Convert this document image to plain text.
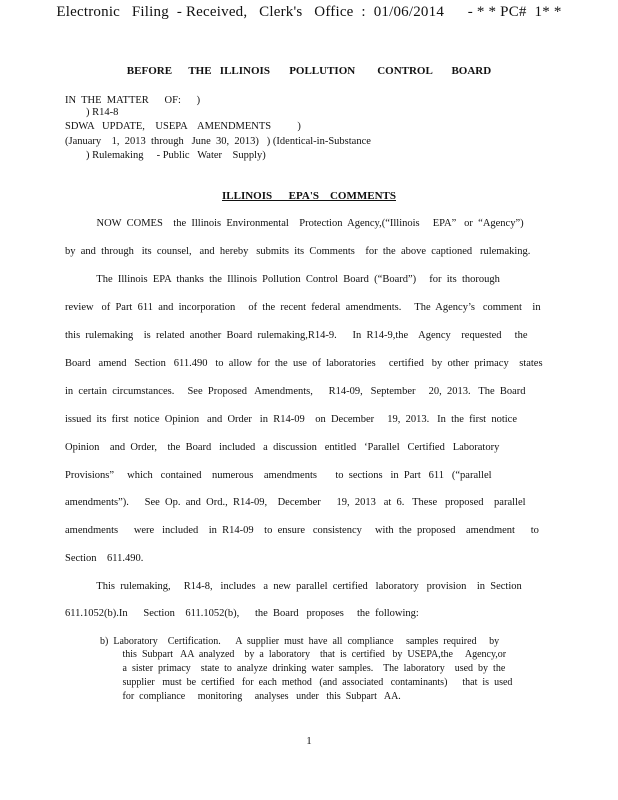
Electronic   Filing  - Received,   Clerk's   Office  :  01/06/2014      - * * PC#  1* *
BEFORE      THE   ILLINOIS       POLLUTION        CONTROL       BOARD
IN  THE  MATTER      OF:      )
) R14-8
SDWA   UPDATE,    USEPA    AMENDMENTS          )
(January    1,  2013  through   June  30,  2013)   ) (Identical-in-Substance
) Rulemaking     - Public   Water    Supply)
ILLINOIS      EPA'S    COMMENTS

NOW  COMES    the  Illinois  Environmental    Protection  Agency,(“Illinois     EPA”   or  “Agency”)

by  and  through   its  counsel,   and  hereby   submits  its  Comments    for  the  above  captioned   rulemaking.

The  Illinois  EPA  thanks  the  Illinois  Pollution  Control  Board  (“Board”)     for  its  thorough

review   of  Part  611  and  incorporation     of  the  recent  federal  amendments.     The  Agency’s   comment    in

this  rulemaking    is  related  another  Board  rulemaking,R14-9.      In  R14-9,the    Agency    requested     the

Board   amend   Section   611.490   to  allow  for  the  use  of  laboratories     certified   by  other  primacy    states

in  certain  circumstances.     See  Proposed   Amendments,      R14-09,   September     20,  2013.   The  Board

issued  its  first  notice  Opinion   and  Order   in  R14-09    on  December     19,  2013.   In  the  first  notice

Opinion    and  Order,    the  Board   included   a  discussion   entitled   ‘Parallel   Certified   Laboratory

Provisions”     which   contained    numerous    amendments       to  sections   in  Part   611   (“parallel

amendments”).      See  Op.  and  Ord.,  R14-09,    December      19,  2013   at  6.   These   proposed    parallel

amendments      were   included    in  R14-09    to  ensure   consistency     with  the  proposed    amendment      to

Section    611.490.

This  rulemaking,     R14-8,   includes   a  new  parallel  certified   laboratory   provision    in  Section

611.1052(b).In      Section    611.1052(b),      the  Board   proposes     the  following:

b)  Laboratory    Certification.      A  supplier  must  have  all  compliance     samples  required     by
this  Subpart   AA  analyzed    by  a  laboratory    that  is  certified   by  USEPA,the     Agency,or
a  sister  primacy    state  to  analyze  drinking  water  samples.    The  laboratory    used  by  the
supplier   must  be  certified   for  each  method   (and  associated   contaminants)      that  is  used
for  compliance     monitoring     analyses   under   this  Subpart   AA.
1
